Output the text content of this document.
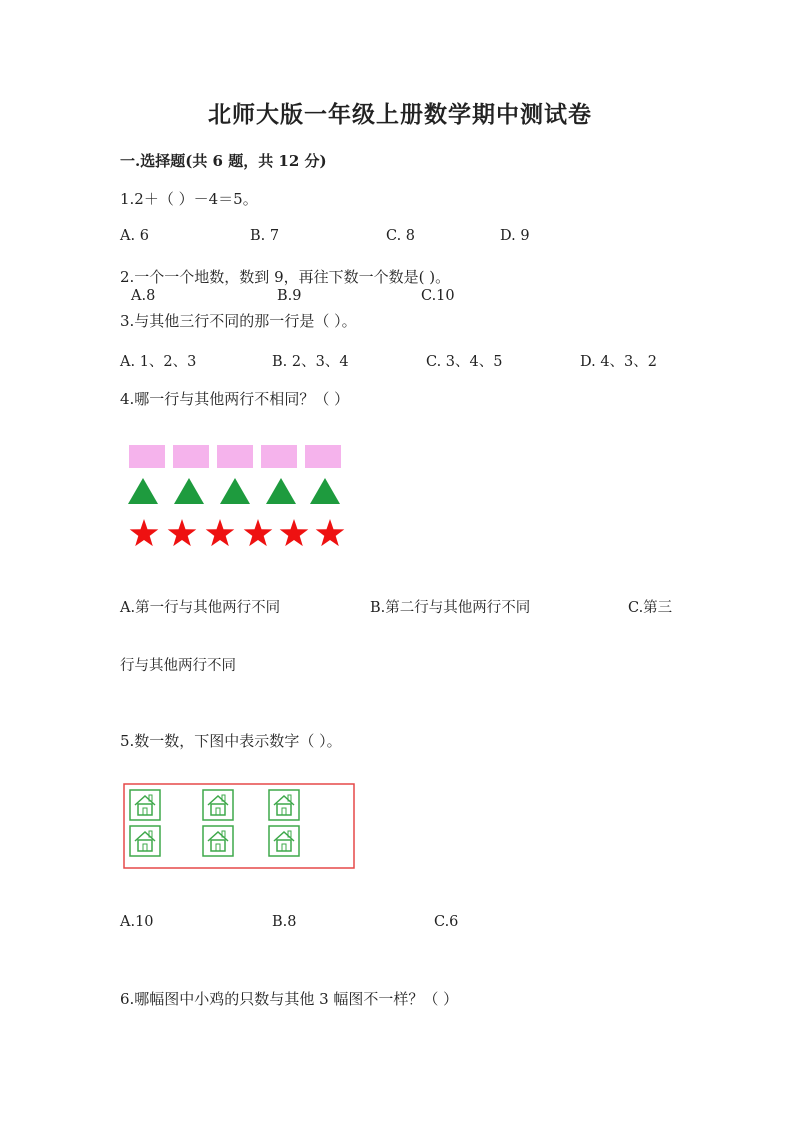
北师大版一年级上册数学期中测试卷
一.选择题(共 6 题，共 12 分)
1.2＋（ ）－4＝5。
A. 6	B. 7	C. 8	D. 9
2.一个一个地数，数到 9，再往下数一个数是( )。
A.8	B.9	C.10
3.与其他三行不同的那一行是（ ）。
A. 1、2、3	B. 2、3、4	C. 3、4、5	D. 4、3、2
4.哪一行与其他两行不相同？（ ）
A.第一行与其他两行不同	B.第二行与其他两行不同	C.第三
行与其他两行不同
5.数一数，下图中表示数字（ ）。
A.10	B.8	C.6
6.哪幅图中小鸡的只数与其他 3 幅图不一样？（ ）
